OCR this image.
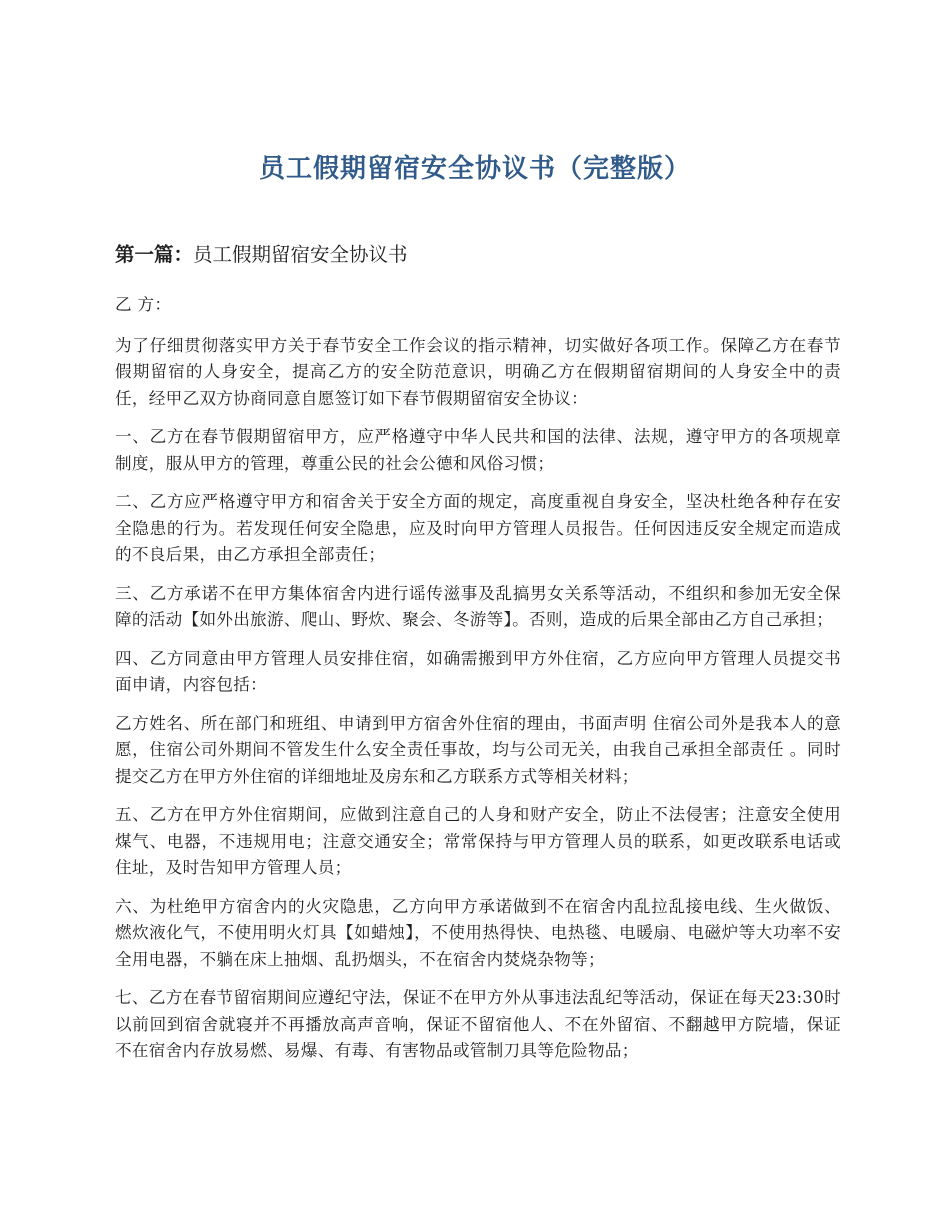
员工假期留宿安全协议书（完整版）
第一篇：员工假期留宿安全协议书

乙 方：

为了仔细贯彻落实甲方关于春节安全工作会议的指示精神，切实做好各项工作。保障乙方在春节假期留宿的人身安全，提高乙方的安全防范意识，明确乙方在假期留宿期间的人身安全中的责任，经甲乙双方协商同意自愿签订如下春节假期留宿安全协议：

一、乙方在春节假期留宿甲方，应严格遵守中华人民共和国的法律、法规，遵守甲方的各项规章制度，服从甲方的管理，尊重公民的社会公德和风俗习惯；

二、乙方应严格遵守甲方和宿舍关于安全方面的规定，高度重视自身安全，坚决杜绝各种存在安全隐患的行为。若发现任何安全隐患，应及时向甲方管理人员报告。任何因违反安全规定而造成的不良后果，由乙方承担全部责任；

三、乙方承诺不在甲方集体宿舍内进行谣传滋事及乱搞男女关系等活动，不组织和参加无安全保障的活动【如外出旅游、爬山、野炊、聚会、冬游等】。否则，造成的后果全部由乙方自己承担；

四、乙方同意由甲方管理人员安排住宿，如确需搬到甲方外住宿，乙方应向甲方管理人员提交书面申请，内容包括：

乙方姓名、所在部门和班组、申请到甲方宿舍外住宿的理由，书面声明 住宿公司外是我本人的意愿，住宿公司外期间不管发生什么安全责任事故，均与公司无关，由我自己承担全部责任 。同时提交乙方在甲方外住宿的详细地址及房东和乙方联系方式等相关材料；

五、乙方在甲方外住宿期间，应做到注意自己的人身和财产安全，防止不法侵害；注意安全使用煤气、电器，不违规用电；注意交通安全；常常保持与甲方管理人员的联系，如更改联系电话或住址，及时告知甲方管理人员；

六、为杜绝甲方宿舍内的火灾隐患，乙方向甲方承诺做到不在宿舍内乱拉乱接电线、生火做饭、燃炊液化气，不使用明火灯具【如蜡烛】，不使用热得快、电热毯、电暖扇、电磁炉等大功率不安全用电器，不躺在床上抽烟、乱扔烟头，不在宿舍内焚烧杂物等；

七、乙方在春节留宿期间应遵纪守法，保证不在甲方外从事违法乱纪等活动，保证在每天23:30时以前回到宿舍就寝并不再播放高声音响，保证不留宿他人、不在外留宿、不翻越甲方院墙，保证不在宿舍内存放易燃、易爆、有毒、有害物品或管制刀具等危险物品；
